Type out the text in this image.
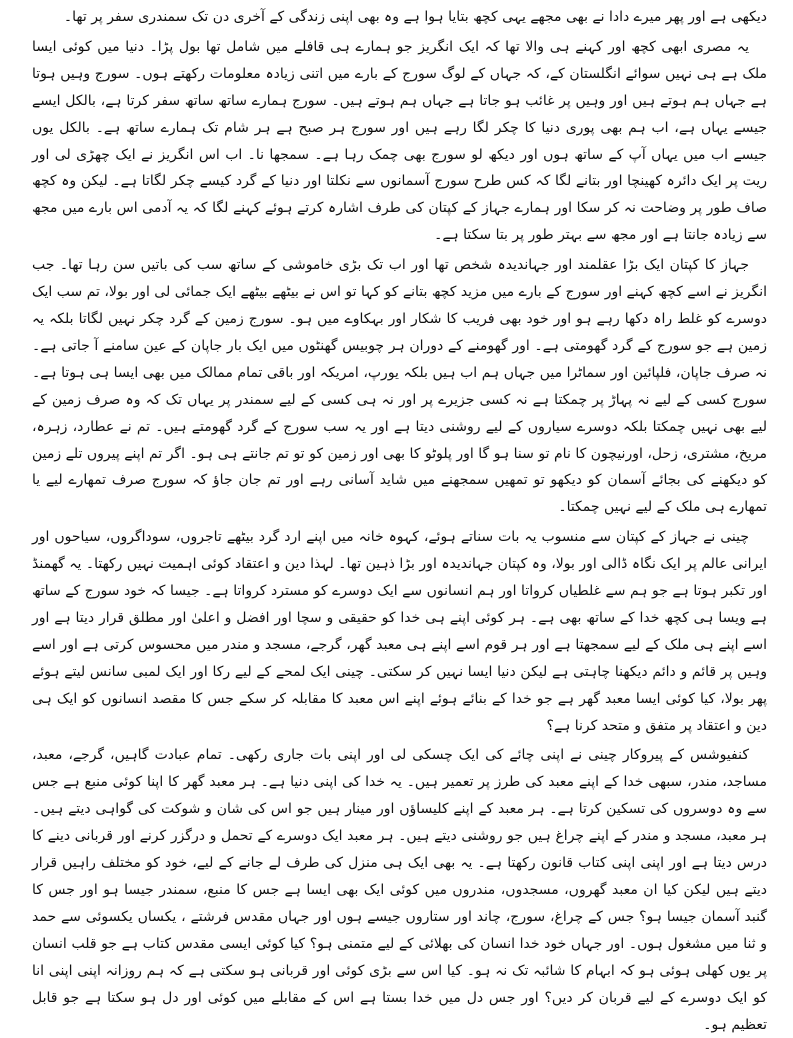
دیکھی ہے اور پھر میرے دادا نے بھی مجھے یہی کچھ بتایا ہوا ہے وہ بھی اپنی زندگی کے آخری دن تک سمندری سفر پر تھا۔

یہ مصری ابھی کچھ اور کہنے ہی والا تھا کہ ایک انگریز جو ہمارے ہی قافلے میں شامل تھا بول پڑا۔ دنیا میں کوئی ایسا ملک ہے ہی نہیں سوائے انگلستان کے، کہ جہاں کے لوگ سورج کے بارے میں اتنی زیادہ معلومات رکھتے ہوں۔ سورج وہیں ہوتا ہے جہاں ہم ہوتے ہیں اور وہیں پر غائب ہو جاتا ہے جہاں ہم ہوتے ہیں۔ سورج ہمارے ساتھ ساتھ سفر کرتا ہے، بالکل ایسے جیسے یہاں ہے، اب ہم بھی پوری دنیا کا چکر لگا رہے ہیں اور سورج ہر صبح ہے ہر شام تک ہمارے ساتھ ہے۔ بالکل یوں جیسے اب میں یہاں آپ کے ساتھ ہوں اور دیکھ لو سورج بھی چمک رہا ہے۔ سمجھا نا۔ اب اس انگریز نے ایک چھڑی لی اور ریت پر ایک دائرہ کھینچا اور بتانے لگا کہ کس طرح سورج آسمانوں سے نکلتا اور دنیا کے گرد کیسے چکر لگاتا ہے۔ لیکن وہ کچھ صاف طور پر وضاحت نہ کر سکا اور ہمارے جہاز کے کپتان کی طرف اشارہ کرتے ہوئے کہنے لگا کہ یہ آدمی اس بارے میں مجھ سے زیادہ جانتا ہے اور مجھ سے بہتر طور پر بتا سکتا ہے۔

جہاز کا کپتان ایک بڑا عقلمند اور جہاندیدہ شخص تھا اور اب تک بڑی خاموشی کے ساتھ سب کی باتیں سن رہا تھا۔ جب انگریز نے اسے کچھ کہنے اور سورج کے بارے میں مزید کچھ بتانے کو کہا تو اس نے بیٹھے بیٹھے ایک جمائی لی اور بولا، تم سب ایک دوسرے کو غلط راہ دکھا رہے ہو اور خود بھی فریب کا شکار اور بہکاوے میں ہو۔ سورج زمین کے گرد چکر نہیں لگاتا بلکہ یہ زمین ہے جو سورج کے گرد گھومتی ہے۔ اور گھومنے کے دوران ہر چوبیس گھنٹوں میں ایک بار جاپان کے عین سامنے آ جاتی ہے۔ نہ صرف جاپان، فلپائین اور سماٹرا میں جہاں ہم اب ہیں بلکہ یورپ، امریکہ اور باقی تمام ممالک میں بھی ایسا ہی ہوتا ہے۔ سورج کسی کے لیے نہ پہاڑ پر چمکتا ہے نہ کسی جزیرے پر اور نہ ہی کسی کے لیے سمندر پر یہاں تک کہ وہ صرف زمین کے لیے بھی نہیں چمکتا بلکہ دوسرے سیاروں کے لیے روشنی دیتا ہے اور یہ سب سورج کے گرد گھومتے ہیں۔ تم نے عطارد، زہرہ، مریخ، مشتری، زحل، اورنیچون کا نام تو سنا ہو گا اور پلوٹو کا بھی اور زمین کو تو تم جانتے ہی ہو۔ اگر تم اپنے پیروں تلے زمین کو دیکھنے کی بجائے آسمان کو دیکھو تو تمھیں سمجھنے میں شاید آسانی رہے اور تم جان جاؤ کہ سورج صرف تمھارے لیے یا تمھارے ہی ملک کے لیے نہیں چمکتا۔

چینی نے جہاز کے کپتان سے منسوب یہ بات سناتے ہوئے، کہوہ خانہ میں اپنے ارد گرد بیٹھے تاجروں، سوداگروں، سیاحوں اور ایرانی عالم پر ایک نگاہ ڈالی اور بولا، وہ کپتان جہاندیدہ اور بڑا ذہین تھا۔ لہذا دین و اعتقاد کوئی اہمیت نہیں رکھتا۔ یہ گھمنڈ اور تکبر ہوتا ہے جو ہم سے غلطیاں کرواتا اور ہم انسانوں سے ایک دوسرے کو مسترد کرواتا ہے۔ جیسا کہ خود سورج کے ساتھ ہے ویسا ہی کچھ خدا کے ساتھ بھی ہے۔ ہر کوئی اپنے ہی خدا کو حقیقی و سچا اور افضل و اعلیٰ اور مطلق قرار دیتا ہے اور اسے اپنے ہی ملک کے لیے سمجھتا ہے اور ہر قوم اسے اپنے ہی معبد گھر، گرجے، مسجد و مندر میں محسوس کرتی ہے اور اسے وہیں پر قائم و دائم دیکھنا چاہتی ہے لیکن دنیا ایسا نہیں کر سکتی۔ چینی ایک لمحے کے لیے رکا اور ایک لمبی سانس لیتے ہوئے پھر بولا، کیا کوئی ایسا معبد گھر ہے جو خدا کے بنائے ہوئے اپنے اس معبد کا مقابلہ کر سکے جس کا مقصد انسانوں کو ایک ہی دین و اعتقاد پر متفق و متحد کرنا ہے؟

کنفیوشس کے پیروکار چینی نے اپنی چائے کی ایک چسکی لی اور اپنی بات جاری رکھی۔ تمام عبادت گاہیں، گرجے، معبد، مساجد، مندر، سبھی خدا کے اپنے معبد کی طرز پر تعمیر ہیں۔ یہ خدا کی اپنی دنیا ہے۔ ہر معبد گھر کا اپنا کوئی منبع ہے جس سے وہ دوسروں کی تسکین کرتا ہے۔ ہر معبد کے اپنے کلیساؤں اور مینار ہیں جو اس کی شان و شوکت کی گواہی دیتے ہیں۔ ہر معبد، مسجد و مندر کے اپنے چراغ ہیں جو روشنی دیتے ہیں۔ ہر معبد ایک دوسرے کے تحمل و درگزر کرنے اور قربانی دینے کا درس دیتا ہے اور اپنی اپنی کتاب قانون رکھتا ہے۔ یہ بھی ایک ہی منزل کی طرف لے جانے کے لیے، خود کو مختلف راہیں قرار دیتے ہیں لیکن کیا ان معبد گھروں، مسجدوں، مندروں میں کوئی ایک بھی ایسا ہے جس کا منبع، سمندر جیسا ہو اور جس کا گنبد آسمان جیسا ہو؟ جس کے چراغ، سورج، چاند اور ستاروں جیسے ہوں اور جہاں مقدس فرشتے ، یکساں یکسوئی سے حمد و ثنا میں مشغول ہوں۔ اور جہاں خود خدا انسان کی بھلائی کے لیے متمنی ہو؟ کیا کوئی ایسی مقدس کتاب ہے جو قلب انسان پر یوں کھلی ہوئی ہو کہ ابہام کا شائبہ تک نہ ہو۔ کیا اس سے بڑی کوئی اور قربانی ہو سکتی ہے کہ ہم روزانہ اپنی اپنی انا کو ایک دوسرے کے لیے قربان کر دیں؟ اور جس دل میں خدا بستا ہے اس کے مقابلے میں کوئی اور دل ہو سکتا ہے جو قابل تعظیم ہو۔
